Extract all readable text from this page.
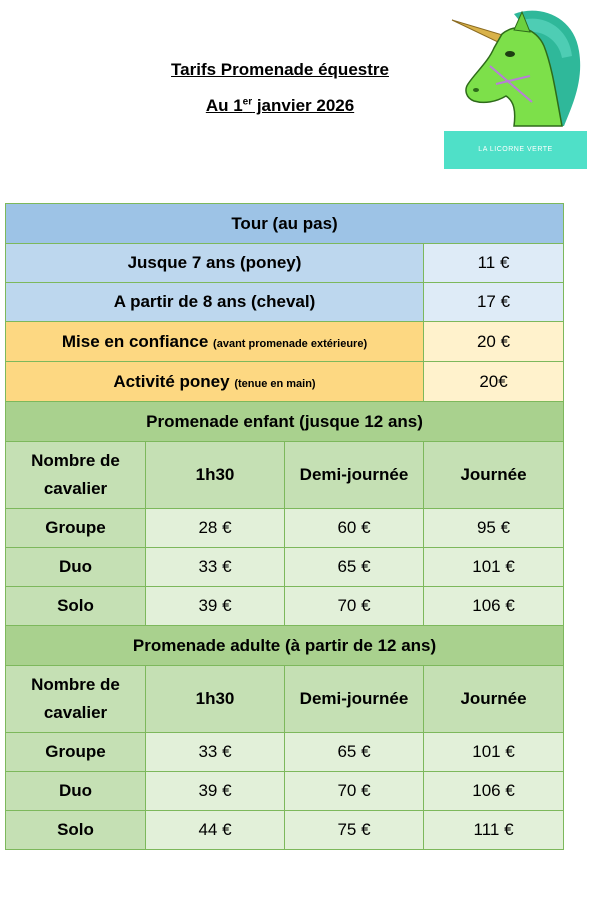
Tarifs Promenade équestre
Au 1er janvier 2026
LA LICORNE VERTE
Tour (au pas)			
Jusque 7 ans (poney)			11 €
A partir de 8 ans (cheval)			17 €
Mise en confiance (avant promenade extérieure)			20 €
Activité poney (tenue en main)			20€
Promenade enfant (jusque 12 ans)			
Nombre de cavalier	1h30	Demi-journée	Journée
Groupe	28 €	60 €	95 €
Duo	33 €	65 €	101 €
Solo	39 €	70 €	106 €
Promenade adulte (à partir de 12 ans)			
Nombre de cavalier	1h30	Demi-journée	Journée
Groupe	33 €	65 €	101 €
Duo	39 €	70 €	106 €
Solo	44 €	75 €	111 €
